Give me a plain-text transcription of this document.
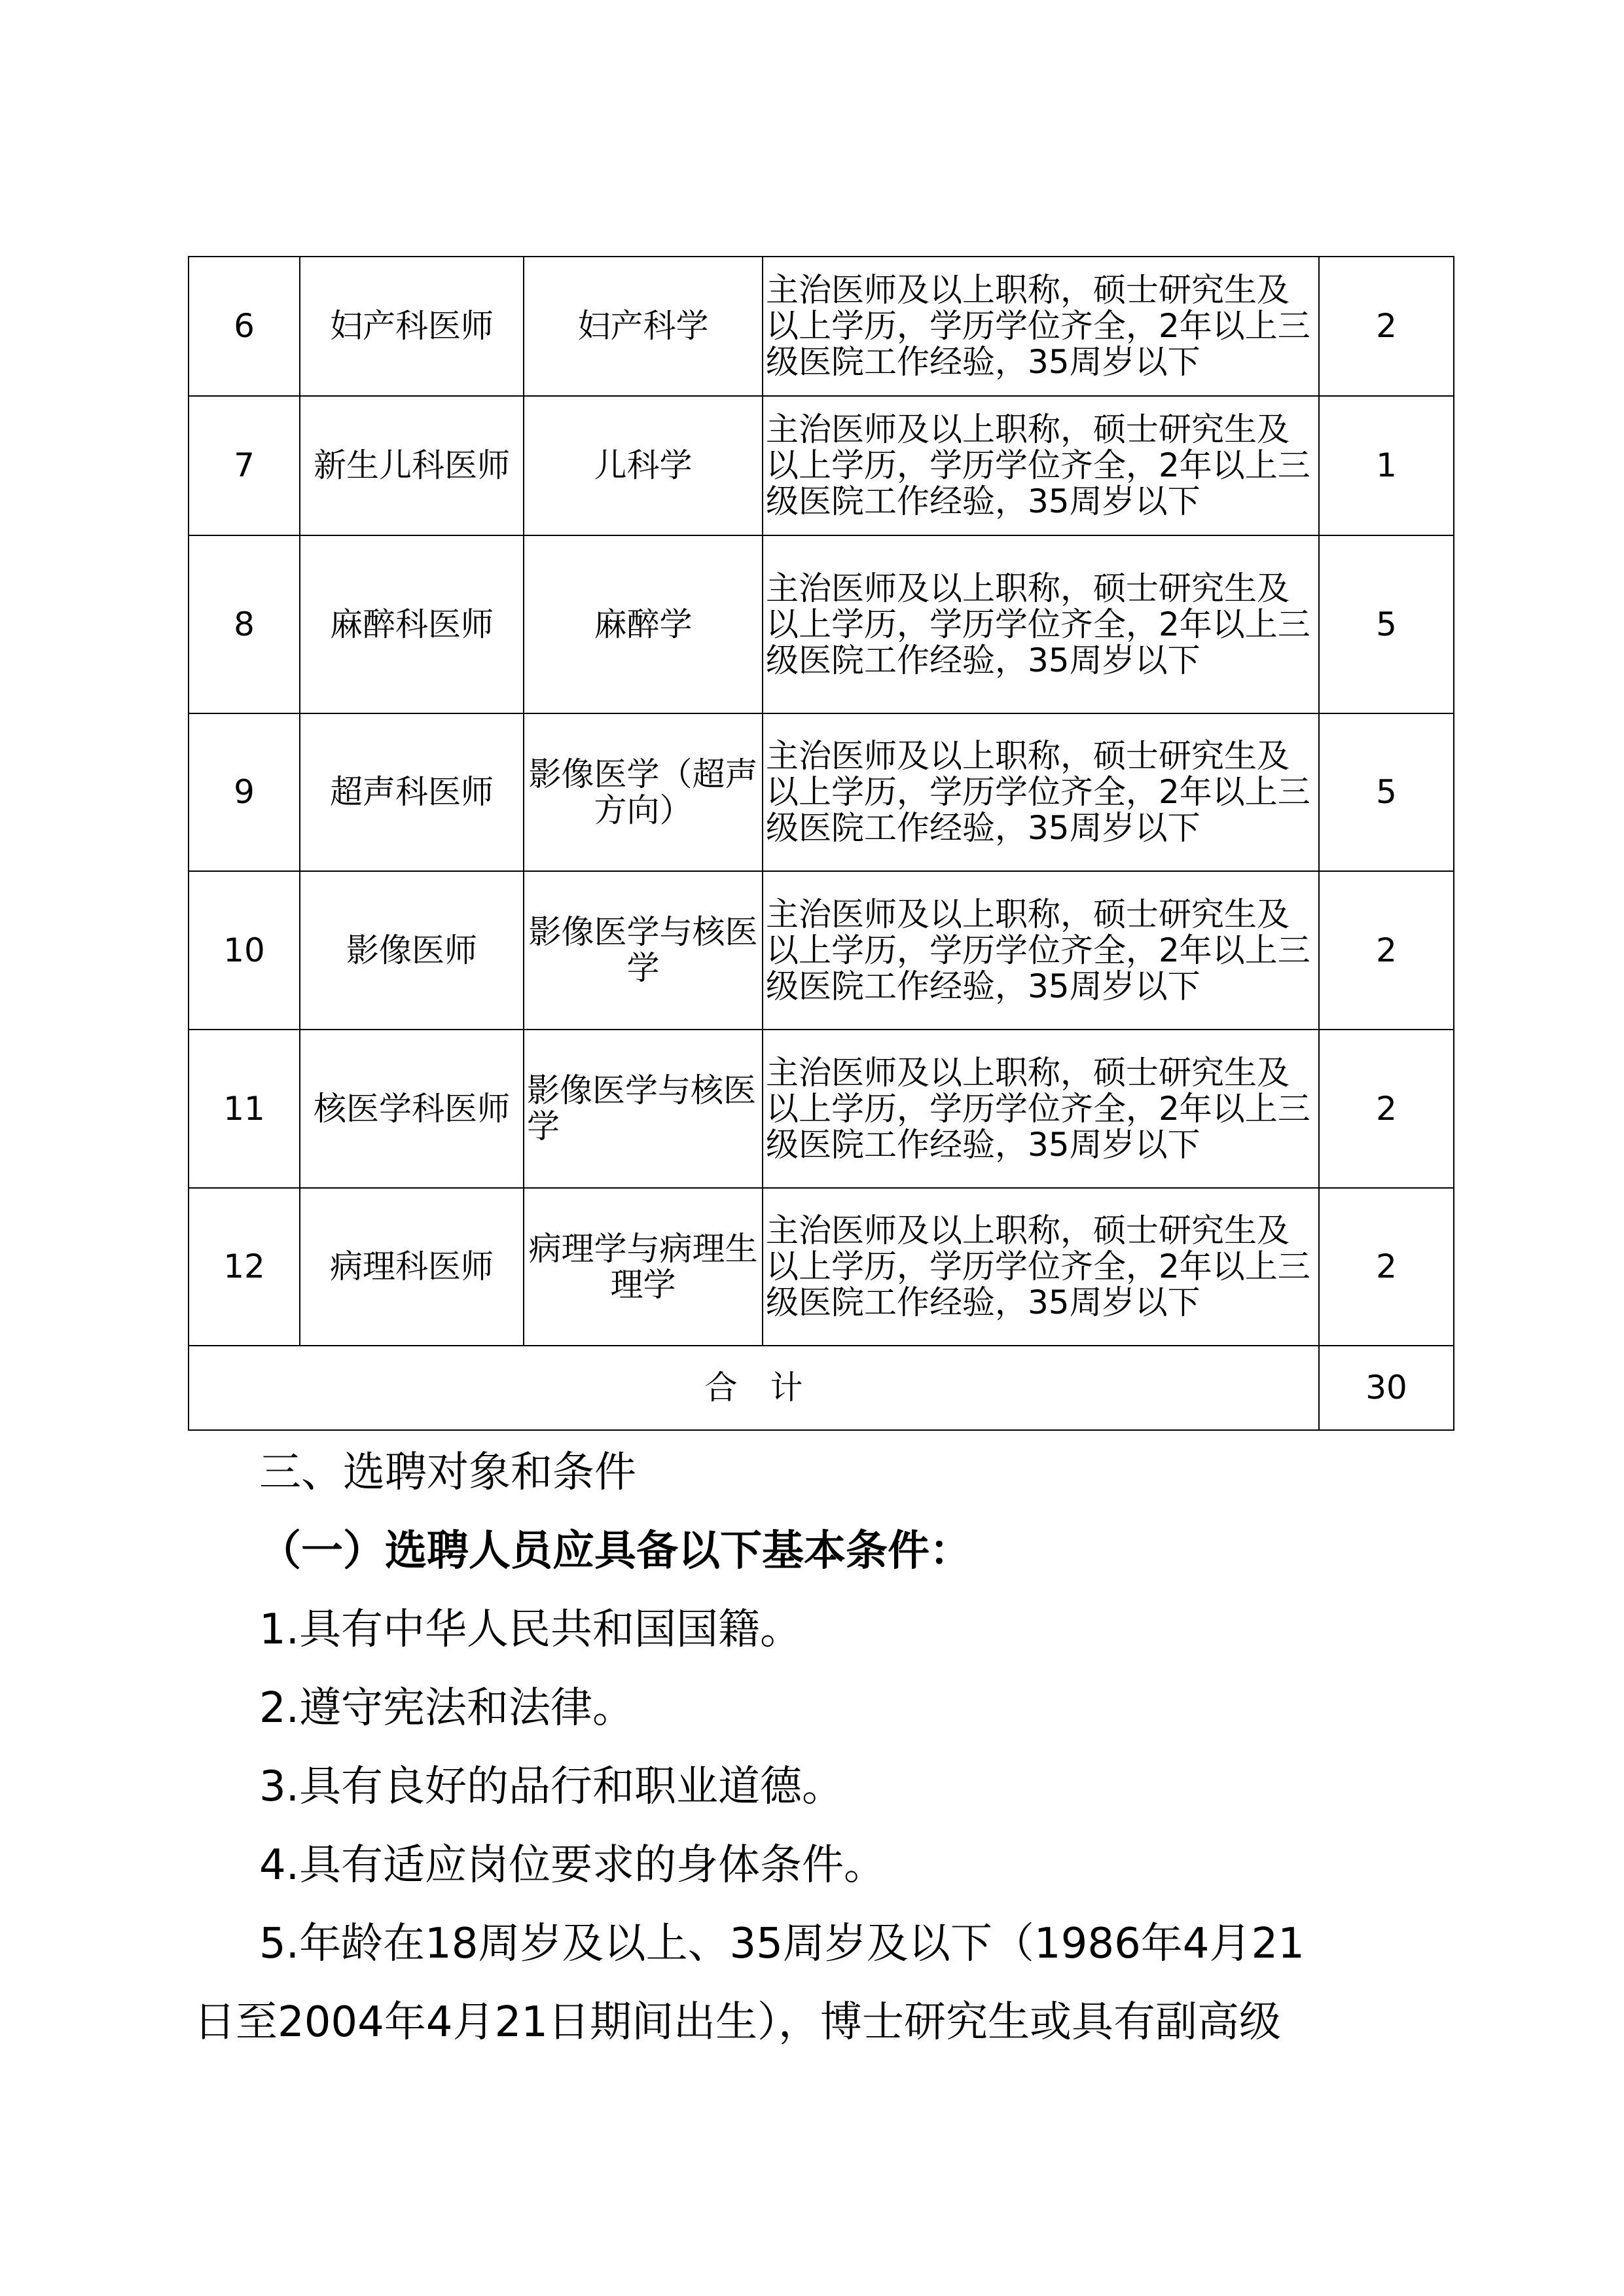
6	妇产科医师	妇产科学	主治医师及以上职称，硕士研究生及以上学历，学历学位齐全，2年以上三级医院工作经验，35周岁以下	2
7	新生儿科医师	儿科学	主治医师及以上职称，硕士研究生及以上学历，学历学位齐全，2年以上三级医院工作经验，35周岁以下	1
8	麻醉科医师	麻醉学	主治医师及以上职称，硕士研究生及以上学历，学历学位齐全，2年以上三级医院工作经验，35周岁以下	5
9	超声科医师	影像医学（超声方向）	主治医师及以上职称，硕士研究生及以上学历，学历学位齐全，2年以上三级医院工作经验，35周岁以下	5
10	影像医师	影像医学与核医学	主治医师及以上职称，硕士研究生及以上学历，学历学位齐全，2年以上三级医院工作经验，35周岁以下	2
11	核医学科医师	影像医学与核医学	主治医师及以上职称，硕士研究生及以上学历，学历学位齐全，2年以上三级医院工作经验，35周岁以下	2
12	病理科医师	病理学与病理生理学	主治医师及以上职称，硕士研究生及以上学历，学历学位齐全，2年以上三级医院工作经验，35周岁以下	2
合　计				30

三、选聘对象和条件

（一）选聘人员应具备以下基本条件：

1.具有中华人民共和国国籍。

2.遵守宪法和法律。

3.具有良好的品行和职业道德。

4.具有适应岗位要求的身体条件。

5.年龄在18周岁及以上、35周岁及以下（1986年4月21

日至2004年4月21日期间出生），博士研究生或具有副高级
